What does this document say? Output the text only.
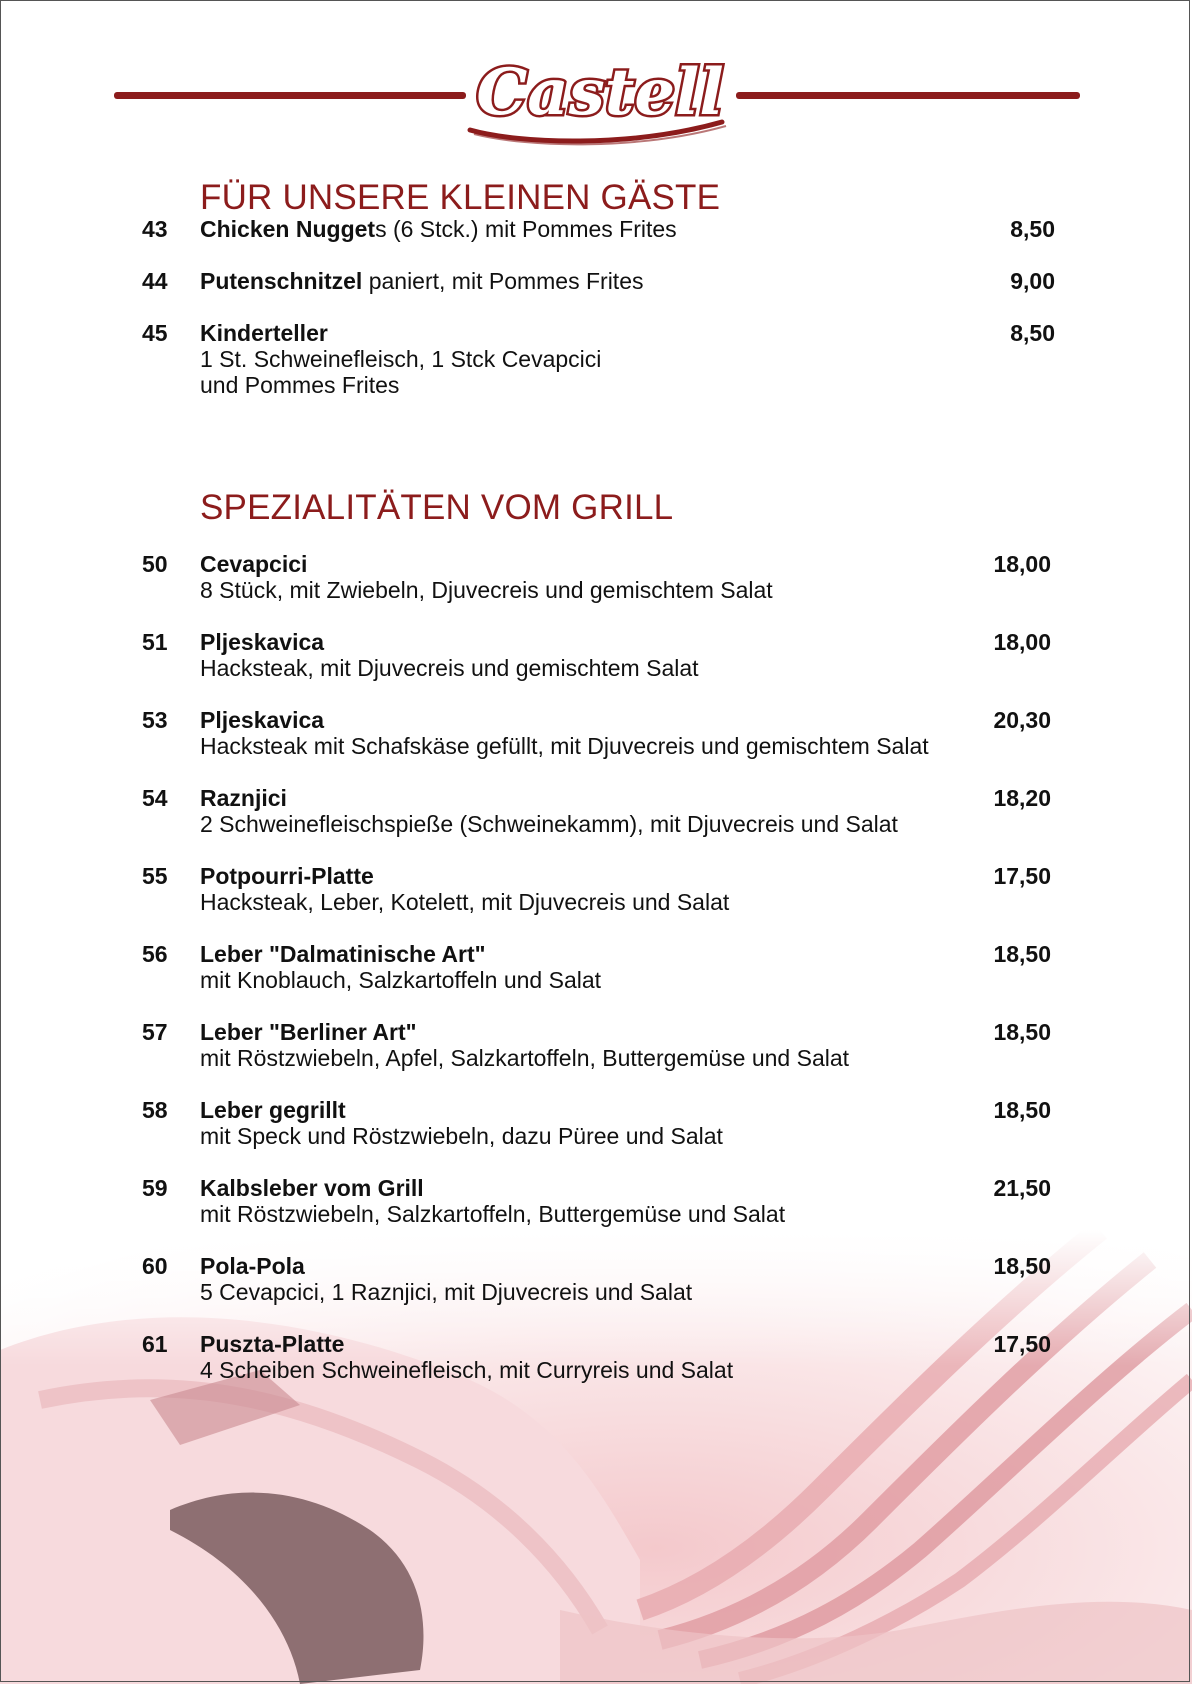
Castell
FÜR UNSERE KLEINEN GÄSTE
43 Chicken Nuggets (6 Stck.) mit Pommes Frites	8,50
44 Putenschnitzel paniert, mit Pommes Frites	9,00
45 Kinderteller
1 St. Schweinefleisch, 1 Stck Cevapcici
und Pommes Frites
8,50
SPEZIALITÄTEN VOM GRILL
50 Cevapcici
8 Stück, mit Zwiebeln, Djuvecreis und gemischtem Salat
18,00
51 Pljeskavica
Hacksteak, mit Djuvecreis und gemischtem Salat
18,00
53 Pljeskavica
Hacksteak mit Schafskäse gefüllt, mit Djuvecreis und gemischtem Salat
20,30
54 Raznjici
2 Schweinefleischspieße (Schweinekamm), mit Djuvecreis und Salat
18,20
55 Potpourri-Platte
Hacksteak, Leber, Kotelett, mit Djuvecreis und Salat
17,50
56 Leber "Dalmatinische Art"
mit Knoblauch, Salzkartoffeln und Salat
18,50
57 Leber "Berliner Art"
mit Röstzwiebeln, Apfel, Salzkartoffeln, Buttergemüse und Salat
18,50
58 Leber gegrillt
mit Speck und Röstzwiebeln, dazu Püree und Salat
18,50
59 Kalbsleber vom Grill
mit Röstzwiebeln, Salzkartoffeln, Buttergemüse und Salat
21,50
60 Pola-Pola
5 Cevapcici, 1 Raznjici, mit Djuvecreis und Salat
18,50
61 Puszta-Platte
4 Scheiben Schweinefleisch, mit Curryreis und Salat
17,50
